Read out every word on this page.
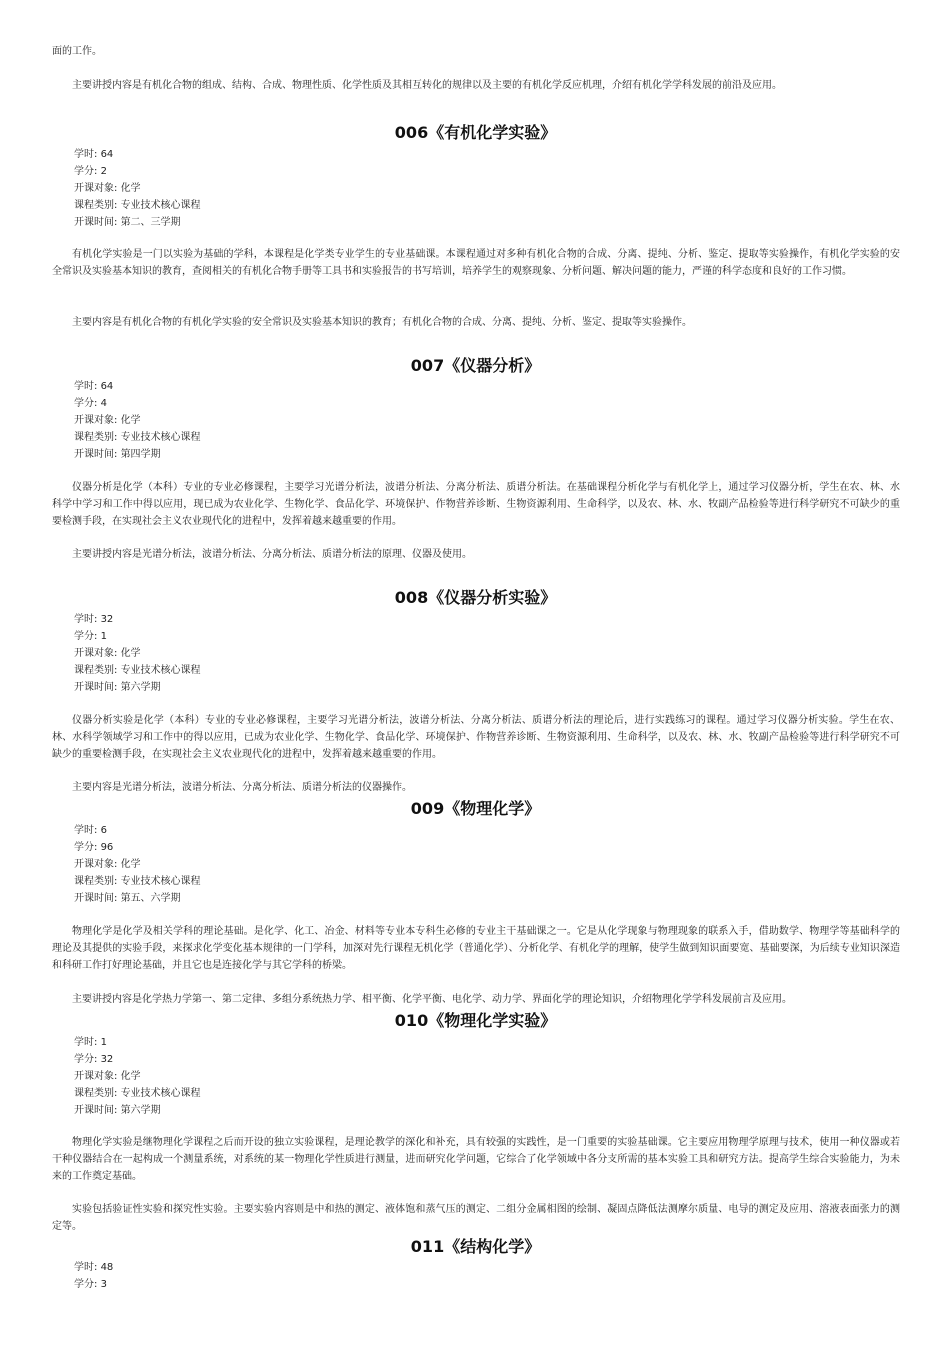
面的工作。

主要讲授内容是有机化合物的组成、结构、合成、物理性质、化学性质及其相互转化的规律以及主要的有机化学反应机理，介绍有机化学学科发展的前沿及应用。

006《有机化学实验》
学时: 64
学分: 2
开课对象: 化学
课程类别: 专业技术核心课程
开课时间: 第二、三学期

有机化学实验是一门以实验为基础的学科，本课程是化学类专业学生的专业基础课。本课程通过对多种有机化合物的合成、分离、提纯、分析、鉴定、提取等实验操作，有机化学实验的安全常识及实验基本知识的教育，查阅相关的有机化合物手册等工具书和实验报告的书写培训，培养学生的观察现象、分析问题、解决问题的能力，严谨的科学态度和良好的工作习惯。

主要内容是有机化合物的有机化学实验的安全常识及实验基本知识的教育；有机化合物的合成、分离、提纯、分析、鉴定、提取等实验操作。

007《仪器分析》
学时: 64
学分: 4
开课对象: 化学
课程类别: 专业技术核心课程
开课时间: 第四学期

仪器分析是化学（本科）专业的专业必修课程，主要学习光谱分析法，波谱分析法、分离分析法、质谱分析法。在基础课程分析化学与有机化学上，通过学习仪器分析，学生在农、林、水科学中学习和工作中得以应用，现已成为农业化学、生物化学、食品化学、环境保护、作物营养诊断、生物资源利用、生命科学，以及农、林、水、牧副产品检验等进行科学研究不可缺少的重要检测手段，在实现社会主义农业现代化的进程中，发挥着越来越重要的作用。

主要讲授内容是光谱分析法，波谱分析法、分离分析法、质谱分析法的原理、仪器及使用。

008《仪器分析实验》
学时: 32
学分: 1
开课对象: 化学
课程类别: 专业技术核心课程
开课时间: 第六学期

仪器分析实验是化学（本科）专业的专业必修课程，主要学习光谱分析法，波谱分析法、分离分析法、质谱分析法的理论后，进行实践练习的课程。通过学习仪器分析实验。学生在农、林、水科学领域学习和工作中的得以应用，已成为农业化学、生物化学、食品化学、环境保护、作物营养诊断、生物资源利用、生命科学，以及农、林、水、牧副产品检验等进行科学研究不可缺少的重要检测手段，在实现社会主义农业现代化的进程中，发挥着越来越重要的作用。

主要内容是光谱分析法，波谱分析法、分离分析法、质谱分析法的仪器操作。

009《物理化学》
学时: 6
学分: 96
开课对象: 化学
课程类别: 专业技术核心课程
开课时间: 第五、六学期

物理化学是化学及相关学科的理论基础。是化学、化工、冶金、材料等专业本专科生必修的专业主干基础课之一。它是从化学现象与物理现象的联系入手，借助数学、物理学等基础科学的理论及其提供的实验手段，来探求化学变化基本规律的一门学科，加深对先行课程无机化学（普通化学）、分析化学、有机化学的理解，使学生做到知识面要宽、基础要深，为后续专业知识深造和科研工作打好理论基础，并且它也是连接化学与其它学科的桥梁。

主要讲授内容是化学热力学第一、第二定律、多组分系统热力学、相平衡、化学平衡、电化学、动力学、界面化学的理论知识，介绍物理化学学科发展前言及应用。

010《物理化学实验》
学时: 1
学分: 32
开课对象: 化学
课程类别: 专业技术核心课程
开课时间: 第六学期

物理化学实验是继物理化学课程之后而开设的独立实验课程，是理论教学的深化和补充，具有较强的实践性，是一门重要的实验基础课。它主要应用物理学原理与技术，使用一种仪器或若干种仪器结合在一起构成一个测量系统，对系统的某一物理化学性质进行测量，进而研究化学问题，它综合了化学领域中各分支所需的基本实验工具和研究方法。提高学生综合实验能力，为未来的工作奠定基础。

实验包括验证性实验和探究性实验。主要实验内容则是中和热的测定、液体饱和蒸气压的测定、二组分金属相图的绘制、凝固点降低法测摩尔质量、电导的测定及应用、溶液表面张力的测定等。

011《结构化学》
学时: 48
学分: 3
